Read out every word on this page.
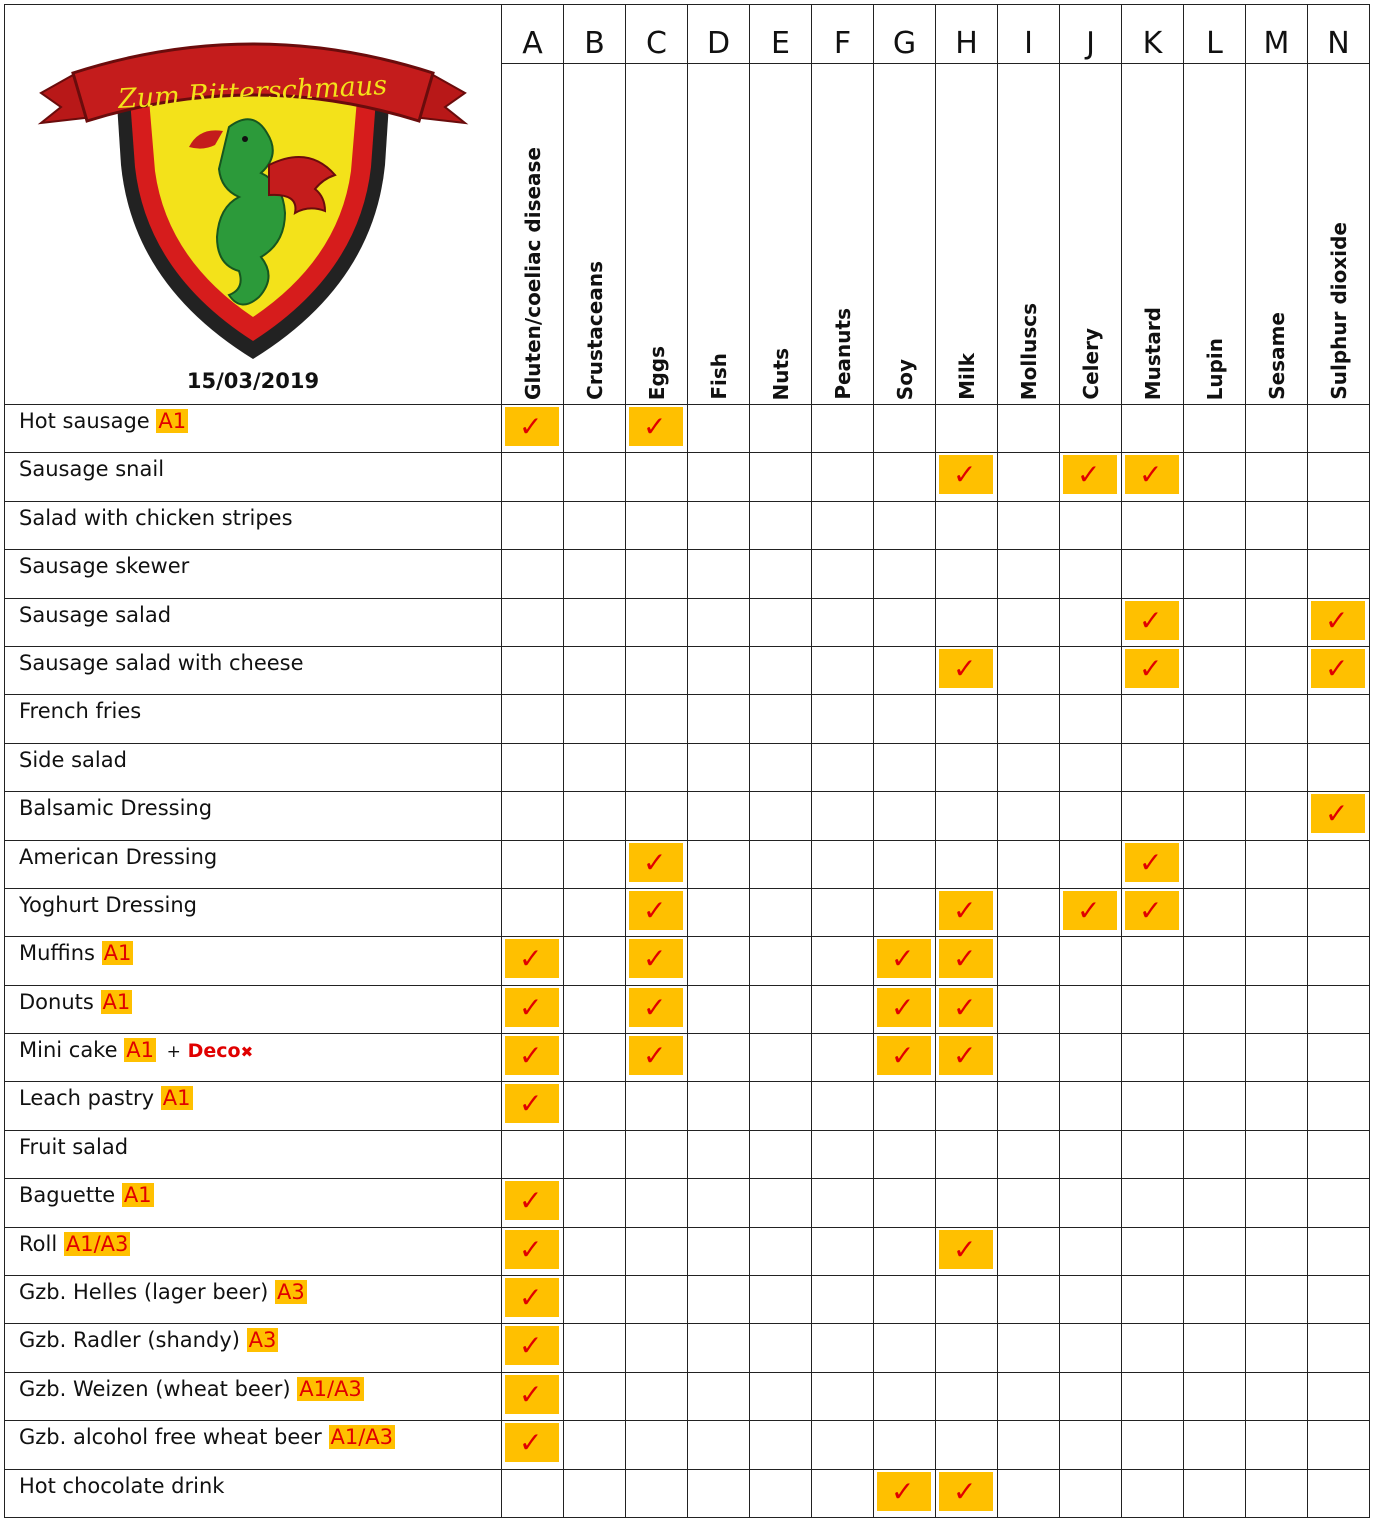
Zum Ritterschmaus
15/03/2019	A	B	C	D	E	F	G	H	I	J	K	L	M	N

	Gluten/coeliac disease	Crustaceans	Eggs	Fish	Nuts	Peanuts	Soy	Milk	Molluscs	Celery	Mustard	Lupin	Sesame	Sulphur dioxide

Hot sausage A1	✓		✓											

Sausage snail								✓		✓	✓			

Salad with chicken stripes														
Sausage skewer														
Sausage salad											✓			✓

Sausage salad with cheese								✓			✓			✓

French fries														
Side salad														
Balsamic Dressing														✓

American Dressing			✓								✓			

Yoghurt Dressing			✓					✓		✓	✓			

Muffins A1	✓		✓				✓	✓						

Donuts A1	✓		✓				✓	✓						

Mini cake A1 + Deco✖	✓		✓				✓	✓						

Leach pastry A1	✓													

Fruit salad														
Baguette A1	✓													

Roll A1/A3	✓							✓						

Gzb. Helles (lager beer) A3	✓													

Gzb. Radler (shandy) A3	✓													

Gzb. Weizen (wheat beer) A1/A3	✓													

Gzb. alcohol free wheat beer A1/A3	✓													

Hot chocolate drink							✓	✓						
